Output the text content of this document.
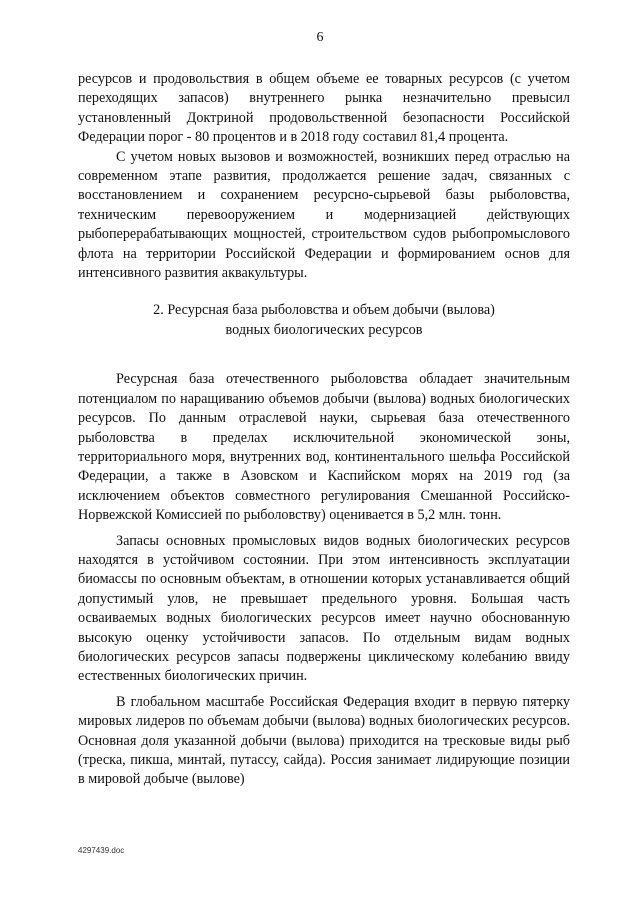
6

ресурсов и продовольствия в общем объеме ее товарных ресурсов (с учетом переходящих запасов) внутреннего рынка незначительно превысил установленный Доктриной продовольственной безопасности Российской Федерации порог - 80 процентов и в 2018 году составил 81,4 процента.

С учетом новых вызовов и возможностей, возникших перед отраслью на современном этапе развития, продолжается решение задач, связанных с восстановлением и сохранением ресурсно-сырьевой базы рыболовства, техническим перевооружением и модернизацией действующих рыбоперерабатывающих мощностей, строительством судов рыбопромыслового флота на территории Российской Федерации и формированием основ для интенсивного развития аквакультуры.

2. Ресурсная база рыболовства и объем добычи (вылова)
водных биологических ресурсов

Ресурсная база отечественного рыболовства обладает значительным потенциалом по наращиванию объемов добычи (вылова) водных биологических ресурсов. По данным отраслевой науки, сырьевая база отечественного рыболовства в пределах исключительной экономической зоны, территориального моря, внутренних вод, континентального шельфа Российской Федерации, а также в Азовском и Каспийском морях на 2019 год (за исключением объектов совместного регулирования Смешанной Российско-Норвежской Комиссией по рыболовству) оценивается в 5,2 млн. тонн.

Запасы основных промысловых видов водных биологических ресурсов находятся в устойчивом состоянии. При этом интенсивность эксплуатации биомассы по основным объектам, в отношении которых устанавливается общий допустимый улов, не превышает предельного уровня. Большая часть осваиваемых водных биологических ресурсов имеет научно обоснованную высокую оценку устойчивости запасов. По отдельным видам водных биологических ресурсов запасы подвержены циклическому колебанию ввиду естественных биологических причин.

В глобальном масштабе Российская Федерация входит в первую пятерку мировых лидеров по объемам добычи (вылова) водных биологических ресурсов. Основная доля указанной добычи (вылова) приходится на тресковые виды рыб (треска, пикша, минтай, путассу, сайда). Россия занимает лидирующие позиции в мировой добыче (вылове)

4297439.doc
